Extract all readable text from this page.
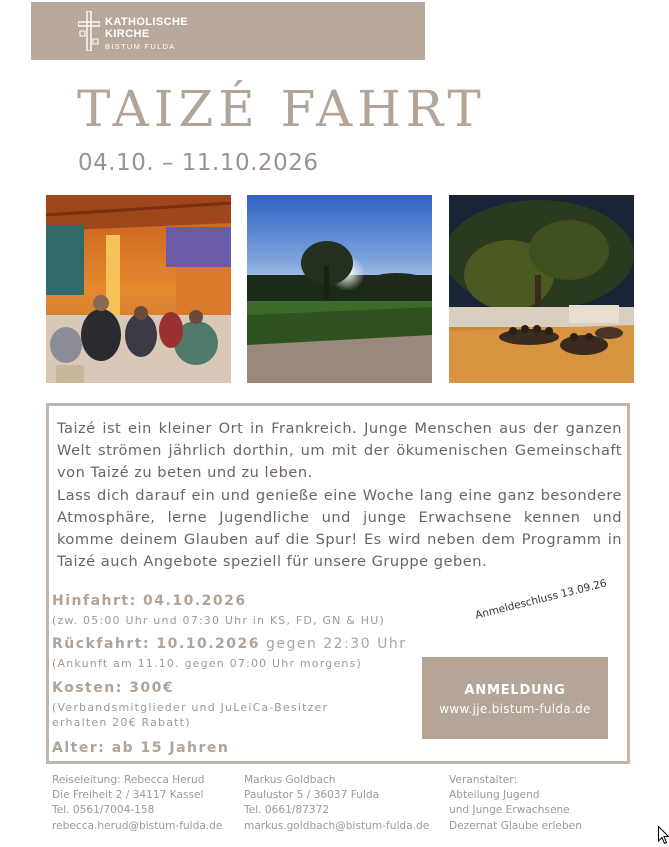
KATHOLISCHE
KIRCHE
BISTUM FULDA
TAIZÉ FAHRT
04.10. – 11.10.2026

Taizé ist ein kleiner Ort in Frankreich. Junge Menschen aus der ganzen Welt strömen jährlich dorthin, um mit der ökumenischen Gemeinschaft von Taizé zu beten und zu leben.

Lass dich darauf ein und genieße eine Woche lang eine ganz besondere Atmosphäre, lerne Jugendliche und junge Erwachsene kennen und komme deinem Glauben auf die Spur! Es wird neben dem Programm in Taizé auch Angebote speziell für unsere Gruppe geben.

Hinfahrt: 04.10.2026
(zw. 05:00 Uhr und 07:30 Uhr in KS, FD, GN & HU)
Rückfahrt: 10.10.2026 gegen 22:30 Uhr
(Ankunft am 11.10. gegen 07:00 Uhr morgens)
Kosten: 300€
(Verbandsmitglieder und JuLeiCa-Besitzer
erhalten 20€ Rabatt)
Alter: ab 15 Jahren
Anmeldeschluss 13.09.26
ANMELDUNG
www.jje.bistum-fulda.de
Reiseleitung: Rebecca Herud
Die Freiheit 2 / 34117 Kassel
Tel. 0561/7004-158
rebecca.herud@bistum-fulda.de
Markus Goldbach
Paulustor 5 / 36037 Fulda
Tel. 0661/87372
markus.goldbach@bistum-fulda.de
Veranstalter:
Abteilung Jugend
und Junge Erwachsene
Dezernat Glaube erleben
